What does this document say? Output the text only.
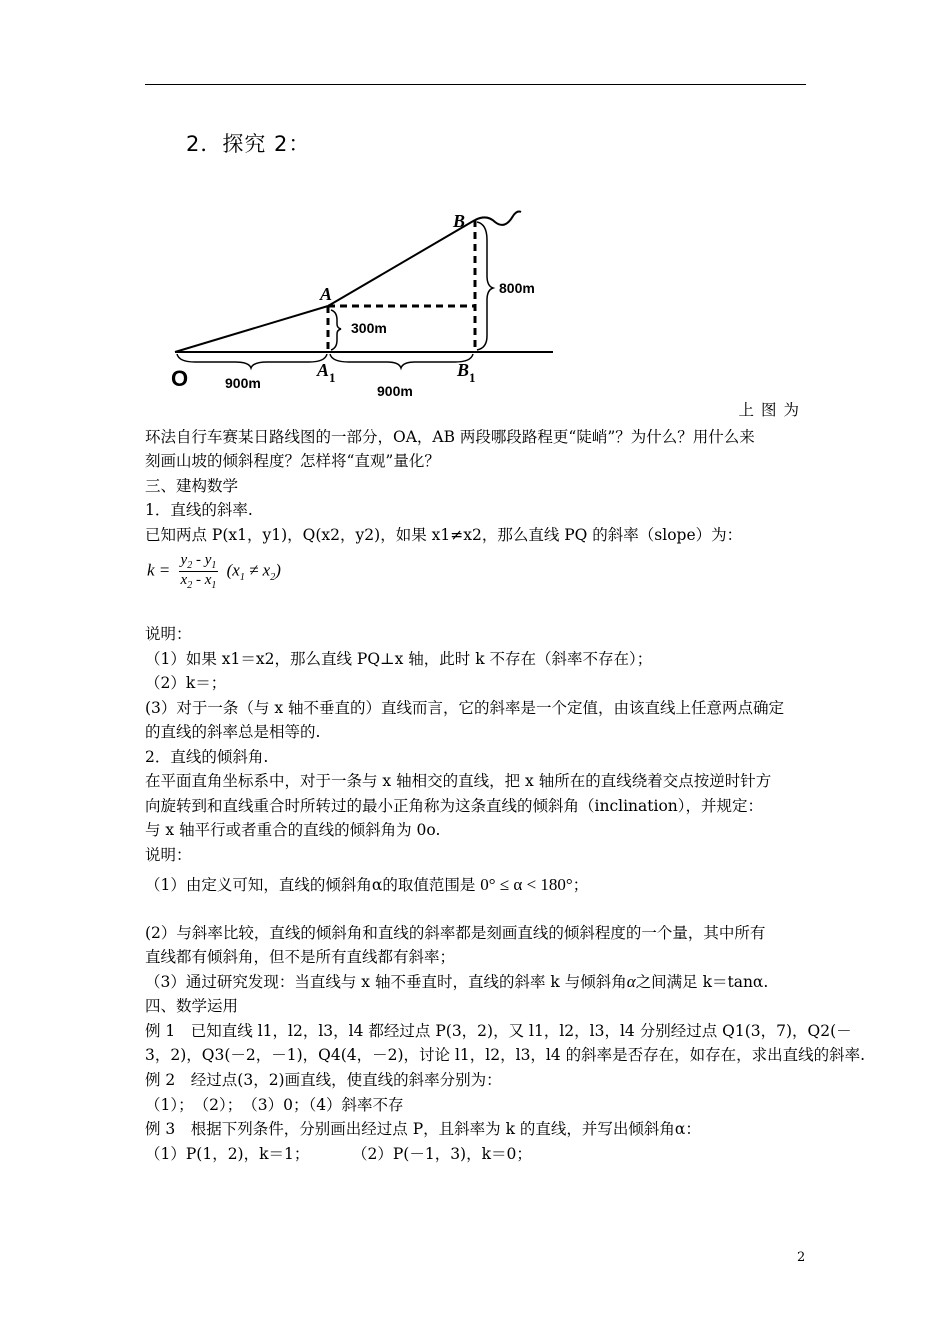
2．探究 2：
O
A
B
$A_1$	$B_1$
800m
300m
900m	900m
上图为
环法自行车赛某日路线图的一部分，OA，AB 两段哪段路程更“陡峭”？为什么？用什么来
刻画山坡的倾斜程度？怎样将“直观”量化？
三、建构数学
1．直线的斜率.
已知两点 P(x1，y1)，Q(x2，y2)，如果 x1≠x2，那么直线 PQ 的斜率（slope）为：
$k = \frac{y_2 - y_1}{x_2 - x_1} (x_1 \ne x_2)$
说明：
（1）如果 x1＝x2，那么直线 PQ⊥x 轴，此时 k 不存在（斜率不存在）；
（2）k＝；
(3）对于一条（与 x 轴不垂直的）直线而言，它的斜率是一个定值，由该直线上任意两点确定
的直线的斜率总是相等的.
2．直线的倾斜角.
在平面直角坐标系中，对于一条与 x 轴相交的直线，把 x 轴所在的直线绕着交点按逆时针方
向旋转到和直线重合时所转过的最小正角称为这条直线的倾斜角（inclination），并规定：
与 x 轴平行或者重合的直线的倾斜角为 0o.
说明：
（1）由定义可知，直线的倾斜角α的取值范围是 0° ≤ α < 180°；
(2）与斜率比较，直线的倾斜角和直线的斜率都是刻画直线的倾斜程度的一个量，其中所有
直线都有倾斜角，但不是所有直线都有斜率；
（3）通过研究发现：当直线与 x 轴不垂直时，直线的斜率 k 与倾斜角α之间满足 k＝tanα.
四、数学运用
例 1　已知直线 l1，l2，l3，l4 都经过点 P(3，2)，又 l1，l2，l3，l4 分别经过点 Q1(3，7)，Q2(－
3，2)，Q3(－2，－1)，Q4(4，－2)，讨论 l1，l2，l3，l4 的斜率是否存在，如存在，求出直线的斜率.
例 2　经过点(3，2)画直线，使直线的斜率分别为：
（1）；　（2）；　（3）0；（4）斜率不存
例 3　根据下列条件，分别画出经过点 P，且斜率为 k 的直线，并写出倾斜角α：
（1）P(1，2)，k＝1；	（2）P(－1，3)，k＝0；
2
